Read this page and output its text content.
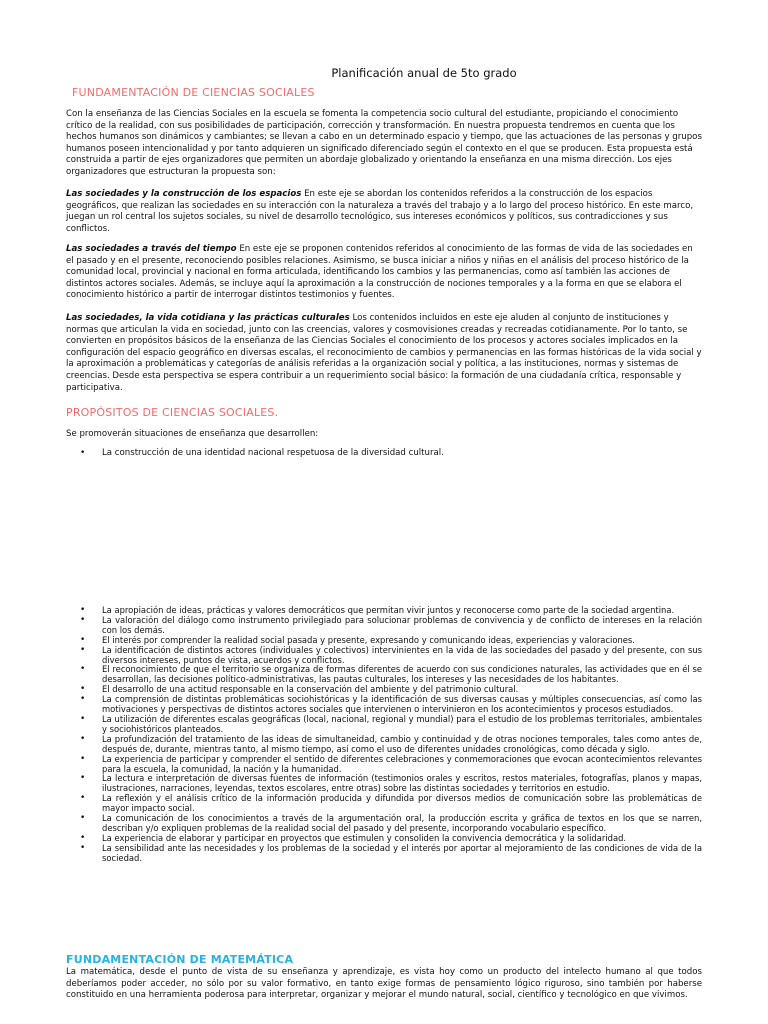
Planificación anual de 5to grado
FUNDAMENTACIÓN DE CIENCIAS SOCIALES

Con la enseñanza de las Ciencias Sociales en la escuela se fomenta la competencia socio cultural del estudiante, propiciando el conocimiento crítico de la realidad, con sus posibilidades de participación, corrección y transformación. En nuestra propuesta tendremos en cuenta que los hechos humanos son dinámicos y cambiantes; se llevan a cabo en un determinado espacio y tiempo, que las actuaciones de las personas y grupos humanos poseen intencionalidad y por tanto adquieren un significado diferenciado según el contexto en el que se producen. Esta propuesta está construida a partir de ejes organizadores que permiten un abordaje globalizado y orientando la enseñanza en una misma dirección. Los ejes organizadores que estructuran la propuesta son:

Las sociedades y la construcción de los espacios En este eje se abordan los contenidos referidos a la construcción de los espacios geográficos, que realizan las sociedades en su interacción con la naturaleza a través del trabajo y a lo largo del proceso histórico. En este marco, juegan un rol central los sujetos sociales, su nivel de desarrollo tecnológico, sus intereses económicos y políticos, sus contradicciones y sus conflictos.

Las sociedades a través del tiempo En este eje se proponen contenidos referidos al conocimiento de las formas de vida de las sociedades en el pasado y en el presente, reconociendo posibles relaciones. Asimismo, se busca iniciar a niños y niñas en el análisis del proceso histórico de la comunidad local, provincial y nacional en forma articulada, identificando los cambios y las permanencias, como así también las acciones de distintos actores sociales. Además, se incluye aquí la aproximación a la construcción de nociones temporales y a la forma en que se elabora el conocimiento histórico a partir de interrogar distintos testimonios y fuentes.

Las sociedades, la vida cotidiana y las prácticas culturales Los contenidos incluidos en este eje aluden al conjunto de instituciones y normas que articulan la vida en sociedad, junto con las creencias, valores y cosmovisiones creadas y recreadas cotidianamente. Por lo tanto, se convierten en propósitos básicos de la enseñanza de las Ciencias Sociales el conocimiento de los procesos y actores sociales implicados en la configuración del espacio geográfico en diversas escalas, el reconocimiento de cambios y permanencias en las formas históricas de la vida social y la aproximación a problemáticas y categorías de análisis referidas a la organización social y política, a las instituciones, normas y sistemas de creencias. Desde esta perspectiva se espera contribuir a un requerimiento social básico: la formación de una ciudadanía crítica, responsable y participativa.

PROPÓSITOS DE CIENCIAS SOCIALES.

Se promoverán situaciones de enseñanza que desarrollen:

• La construcción de una identidad nacional respetuosa de la diversidad cultural.
• La apropiación de ideas, prácticas y valores democráticos que permitan vivir juntos y reconocerse como parte de la sociedad argentina.
• La valoración del diálogo como instrumento privilegiado para solucionar problemas de convivencia y de conflicto de intereses en la relación con los demás.
• El interés por comprender la realidad social pasada y presente, expresando y comunicando ideas, experiencias y valoraciones.
• La identificación de distintos actores (individuales y colectivos) intervinientes en la vida de las sociedades del pasado y del presente, con sus diversos intereses, puntos de vista, acuerdos y conflictos.
• El reconocimiento de que el territorio se organiza de formas diferentes de acuerdo con sus condiciones naturales, las actividades que en él se desarrollan, las decisiones político-administrativas, las pautas culturales, los intereses y las necesidades de los habitantes.
• El desarrollo de una actitud responsable en la conservación del ambiente y del patrimonio cultural.
• La comprensión de distintas problemáticas sociohistóricas y la identificación de sus diversas causas y múltiples consecuencias, así como las motivaciones y perspectivas de distintos actores sociales que intervienen o intervinieron en los acontecimientos y procesos estudiados.
• La utilización de diferentes escalas geográficas (local, nacional, regional y mundial) para el estudio de los problemas territoriales, ambientales y socio​históricos planteados.
• La profundización del tratamiento de las ideas de simultaneidad, cambio y continuidad y de otras nociones temporales, tales como antes de, después de, durante, mientras tanto, al mismo tiempo, así como el uso de diferentes unidades cronológicas, como década y siglo.
• La experiencia de participar y comprender el sentido de diferentes celebraciones y conmemoraciones que evocan acontecimientos relevantes para la escuela, la comunidad, la nación y la humanidad.
• La lectura e interpretación de diversas fuentes de información (testimonios orales y escritos, restos materiales, fotografías, planos y mapas, ilustraciones, narraciones, leyendas, textos escolares, entre otras) sobre las distintas sociedades y territorios en estudio.
• La reflexión y el análisis crítico de la información producida y difundida por diversos medios de comunicación sobre las problemáticas de mayor impacto social.
• La comunicación de los conocimientos a través de la argumentación oral, la producción escrita y gráfica de textos en los que se narren, describan y/o expliquen problemas de la realidad social del pasado y del presente, incorporando vocabulario específico.
• La experiencia de elaborar y participar en proyectos que estimulen y consoliden la convivencia democrática y la solidaridad.
• La sensibilidad ante las necesidades y los problemas de la sociedad y el interés por aportar al mejoramiento de las condiciones de vida de la sociedad.
FUNDAMENTACIÓN DE MATEMÁTICA

La matemática, desde el punto de vista de su enseñanza y aprendizaje, es vista hoy como un producto del intelecto humano al que todos deberíamos poder acceder, no sólo por su valor formativo, en tanto exige formas de pensamiento lógico riguroso, sino también por haberse constituido en una herramienta poderosa para interpretar, organizar y mejorar el mundo natural, social, científico y tecnológico en que vivimos.
